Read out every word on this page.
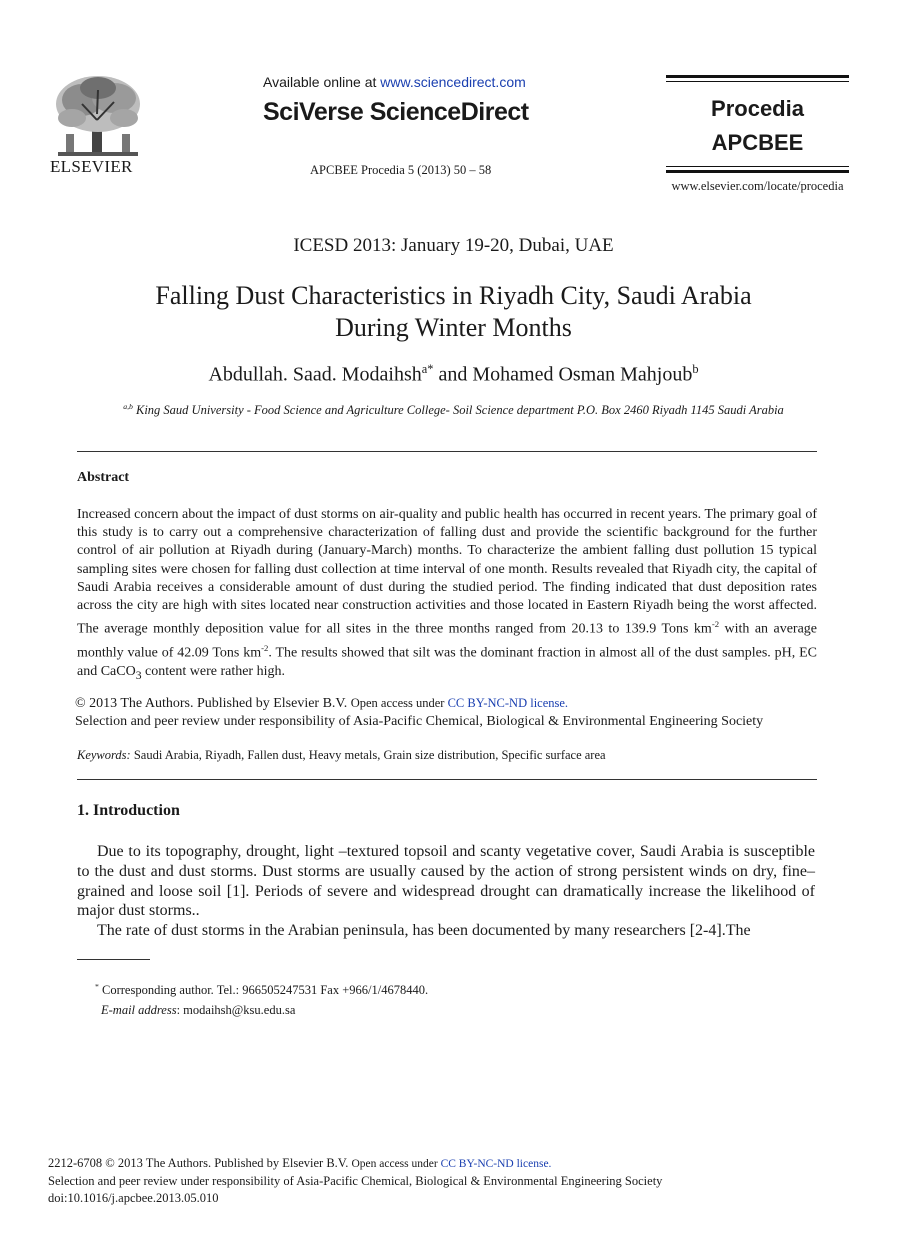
ELSEVIER
Available online at www.sciencedirect.com
SciVerse ScienceDirect
APCBEE Procedia 5 (2013) 50 – 58
Procedia
APCBEE
www.elsevier.com/locate/procedia
ICESD 2013: January 19-20, Dubai, UAE
Falling Dust Characteristics in Riyadh City, Saudi Arabia
During Winter Months
Abdullah. Saad. Modaihsh$^{a*}$ and Mohamed Osman Mahjoub$^b$
$^{a,b}$ King Saud University - Food Science and Agriculture College- Soil Science department P.O. Box 2460 Riyadh 1145 Saudi Arabia
Abstract
Increased concern about the impact of dust storms on air-quality and public health has occurred in recent years. The primary goal of this study is to carry out a comprehensive characterization of falling dust and provide the scientific background for the further control of air pollution at Riyadh during (January-March) months. To characterize the ambient falling dust pollution 15 typical sampling sites were chosen for falling dust collection at time interval of one month. Results revealed that Riyadh city, the capital of Saudi Arabia receives a considerable amount of dust during the studied period. The finding indicated that dust deposition rates across the city are high with sites located near construction activities and those located in Eastern Riyadh being the worst affected. The average monthly deposition value for all sites in the three months ranged from 20.13 to 139.9 Tons $km^{-2}$ with an average monthly value of 42.09 Tons $km^{-2}$. The results showed that silt was the dominant fraction in almost all of the dust samples. pH, EC and CaCO$_3$ content were rather high.
© 2013 The Authors. Published by Elsevier B.V. Open access under CC BY-NC-ND license.
Selection and peer review under responsibility of Asia-Pacific Chemical, Biological & Environmental Engineering Society
Keywords: Saudi Arabia, Riyadh, Fallen dust, Heavy metals, Grain size distribution, Specific surface area
1. Introduction

Due to its topography, drought, light –textured topsoil and scanty vegetative cover, Saudi Arabia is susceptible to the dust and dust storms. Dust storms are usually caused by the action of strong persistent winds on dry, fine– grained and loose soil [1]. Periods of severe and widespread drought can dramatically increase the likelihood of major dust storms..

The rate of dust storms in the Arabian peninsula, has been documented by many researchers [2-4].The

* Corresponding author. Tel.: 966505247531 Fax +966/1/4678440.
E-mail address: modaihsh@ksu.edu.sa
2212-6708 © 2013 The Authors. Published by Elsevier B.V. Open access under CC BY-NC-ND license.
Selection and peer review under responsibility of Asia-Pacific Chemical, Biological & Environmental Engineering Society
doi:10.1016/j.apcbee.2013.05.010
